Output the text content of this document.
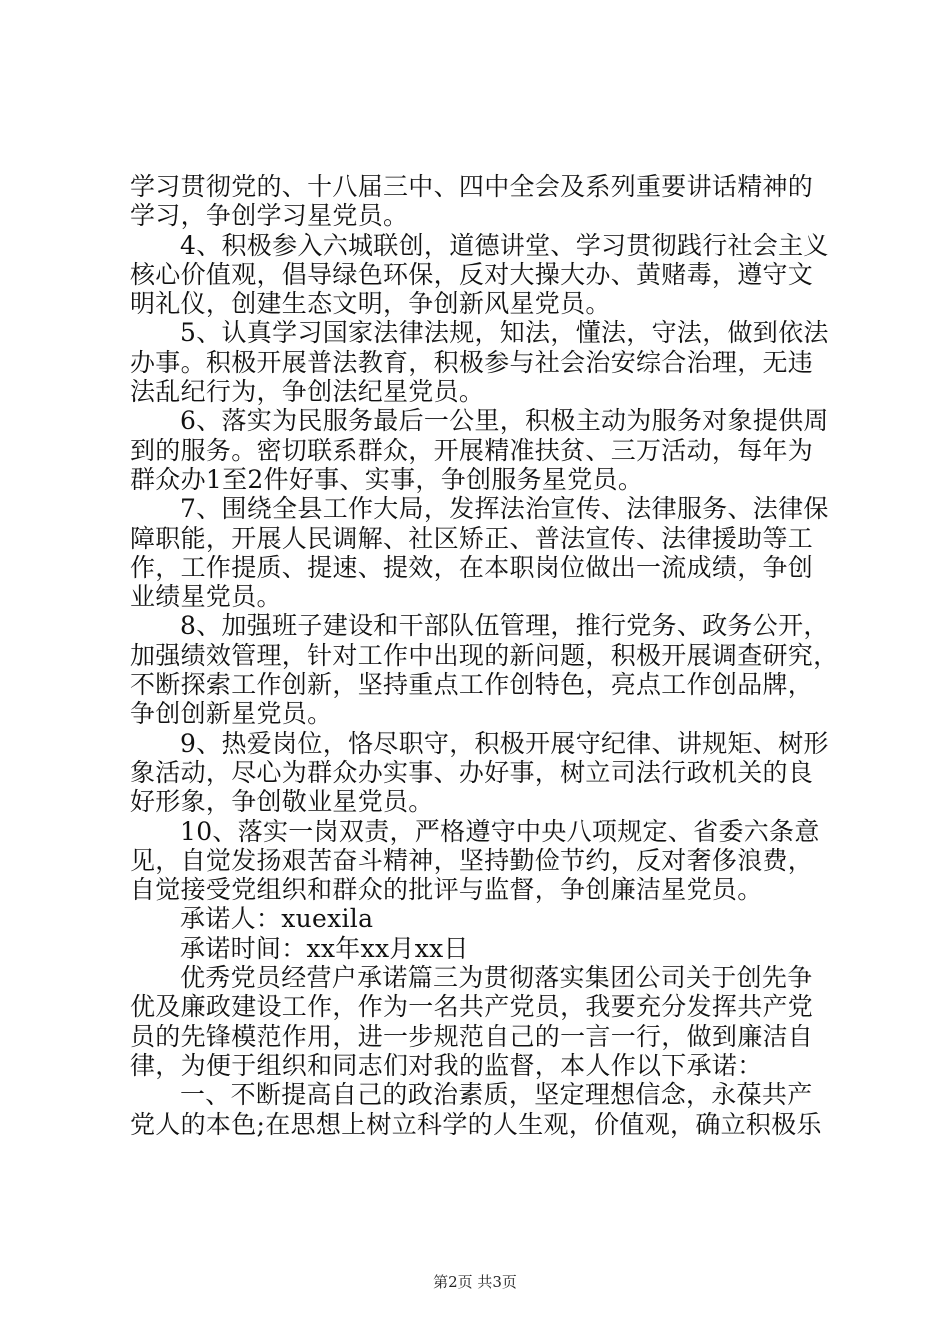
学习贯彻党的、十八届三中、四中全会及系列重要讲话精神的
学习，争创学习星党员。
4、积极参入六城联创，道德讲堂、学习贯彻践行社会主义
核心价值观，倡导绿色环保，反对大操大办、黄赌毒，遵守文
明礼仪，创建生态文明，争创新风星党员。
5、认真学习国家法律法规，知法，懂法，守法，做到依法
办事。积极开展普法教育，积极参与社会治安综合治理，无违
法乱纪行为，争创法纪星党员。
6、落实为民服务最后一公里，积极主动为服务对象提供周
到的服务。密切联系群众，开展精准扶贫、三万活动，每年为
群众办1至2件好事、实事，争创服务星党员。
7、围绕全县工作大局，发挥法治宣传、法律服务、法律保
障职能，开展人民调解、社区矫正、普法宣传、法律援助等工
作，工作提质、提速、提效，在本职岗位做出一流成绩，争创
业绩星党员。
8、加强班子建设和干部队伍管理，推行党务、政务公开，
加强绩效管理，针对工作中出现的新问题，积极开展调查研究，
不断探索工作创新，坚持重点工作创特色，亮点工作创品牌，
争创创新星党员。
9、热爱岗位，恪尽职守，积极开展守纪律、讲规矩、树形
象活动，尽心为群众办实事、办好事，树立司法行政机关的良
好形象，争创敬业星党员。
10、落实一岗双责，严格遵守中央八项规定、省委六条意
见，自觉发扬艰苦奋斗精神，坚持勤俭节约，反对奢侈浪费，
自觉接受党组织和群众的批评与监督，争创廉洁星党员。
承诺人：xuexila
承诺时间：xx年xx月xx日
优秀党员经营户承诺篇三为贯彻落实集团公司关于创先争
优及廉政建设工作，作为一名共产党员，我要充分发挥共产党
员的先锋模范作用，进一步规范自己的一言一行，做到廉洁自
律，为便于组织和同志们对我的监督，本人作以下承诺：
一、不断提高自己的政治素质，坚定理想信念，永葆共产
党人的本色;在思想上树立科学的人生观，价值观，确立积极乐
第2页 共3页
